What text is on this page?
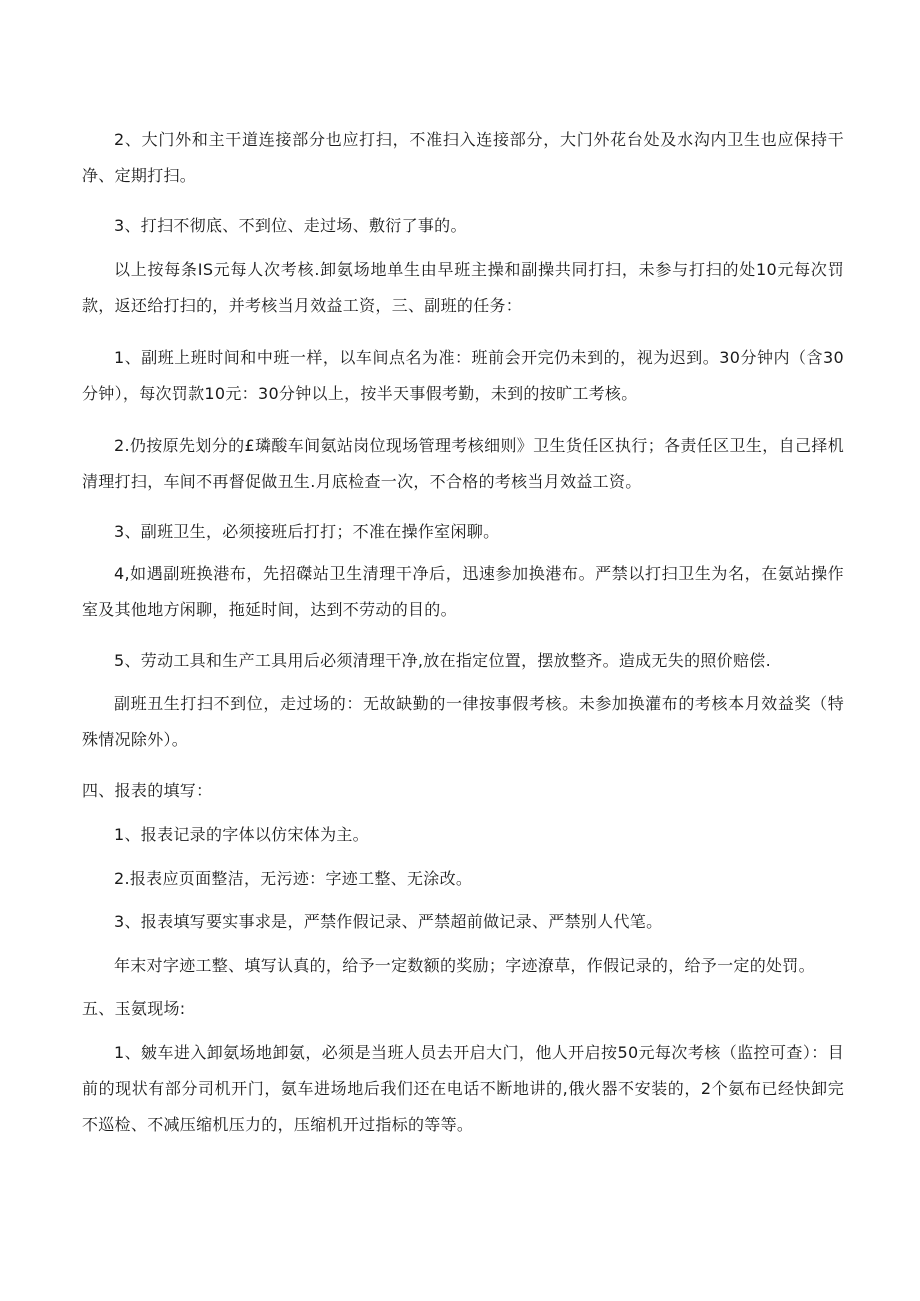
2、大门外和主干道连接部分也应打扫，不准扫入连接部分，大门外花台处及水沟内卫生也应保持干净、定期打扫。

3、打扫不彻底、不到位、走过场、敷衍了事的。

以上按每条IS元每人次考核.卸氨场地单生由早班主操和副操共同打扫，未参与打扫的处10元每次罚款，返还给打扫的，并考核当月效益工资，三、副班的任务：

1、副班上班时间和中班一样，以车间点名为准：班前会开完仍未到的，视为迟到。30分钟内（含30分钟），每次罚款10元：30分钟以上，按半天事假考勤，未到的按旷工考核。

2.仍按原先划分的£璘酸车间氨站岗位现场管理考核细则》卫生货任区执行；各责任区卫生，自己择机清理打扫，车间不再督促做丑生.月底检查一次，不合格的考核当月效益工资。

3、副班卫生，必须接班后打打；不准在操作室闲聊。

4,如遇副班换港布，先招磔站卫生清理干净后，迅速参加换港布。严禁以打扫卫生为名，在氨站操作室及其他地方闲聊，拖延时间，达到不劳动的目的。

5、劳动工具和生产工具用后必须清理干净,放在指定位置，摆放整齐。造成无失的照价赔偿.

副班丑生打扫不到位，走过场的：无故缺勤的一律按事假考核。未参加换灌布的考核本月效益奖（特殊情况除外）。

四、报表的填写：

1、报表记录的字体以仿宋体为主。

2.报表应页面整洁，无污迹：字迹工整、无涂改。

3、报表填写要实事求是，严禁作假记录、严禁超前做记录、严禁别人代笔。

年末对字迹工整、填写认真的，给予一定数额的奖励；字迹潦草，作假记录的，给予一定的处罚。

五、玉氨现场:

1、皴车进入卸氨场地卸氨，必须是当班人员去开启大门，他人开启按50元每次考核（监控可查）：目前的现状有部分司机开门，氨车进场地后我们还在电话不断地讲的,俄火器不安装的，2个氨布已经快卸完不巡检、不减压缩机压力的，压缩机开过指标的等等。
